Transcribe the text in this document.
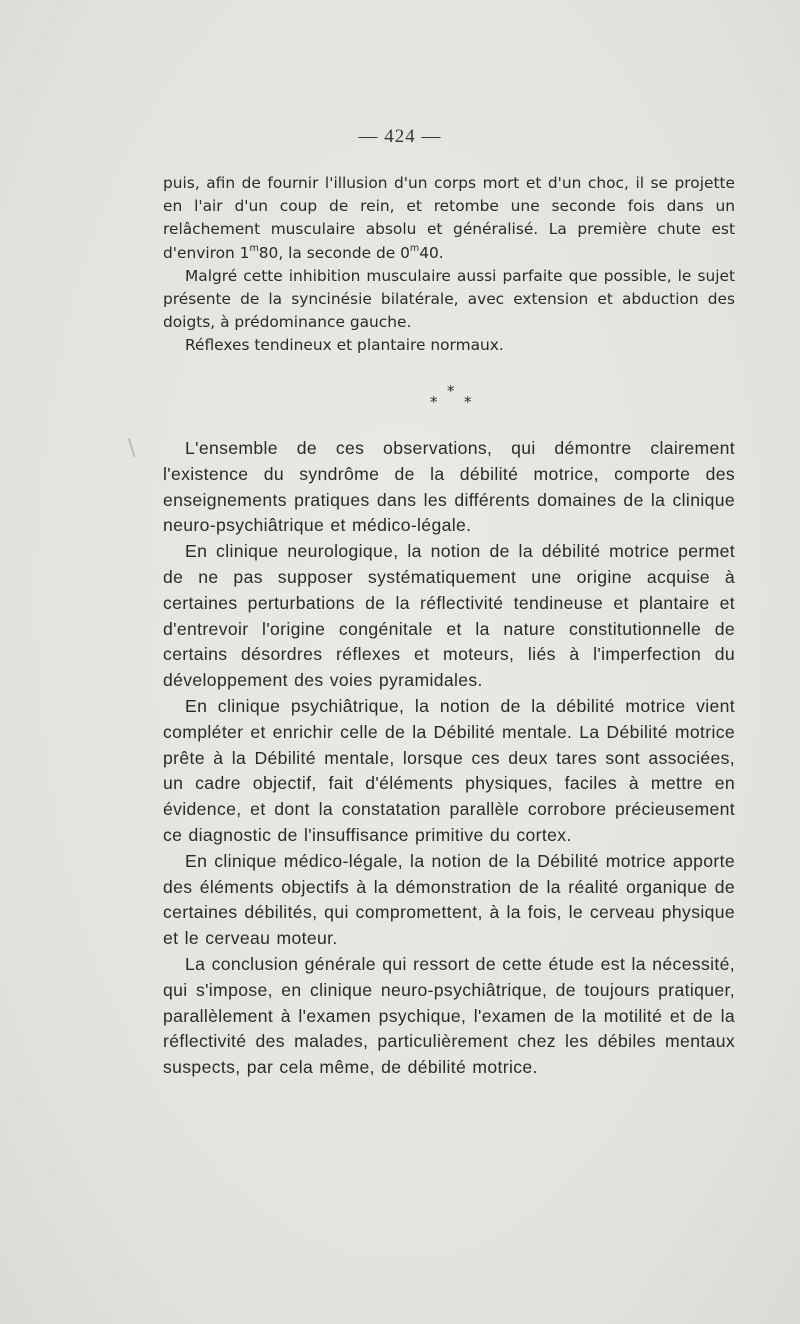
— 424 —

puis, afin de fournir l'illusion d'un corps mort et d'un choc, il se projette en l'air d'un coup de rein, et retombe une seconde fois dans un relâchement musculaire absolu et généralisé. La première chute est d'environ 1$^m$80, la seconde de 0$^m$40.

Malgré cette inhibition musculaire aussi parfaite que possible, le sujet présente de la syncinésie bilatérale, avec extension et abduction des doigts, à prédominance gauche.

Réflexes tendineux et plantaire normaux.

*
* *
\	L'ensemble de ces observations, qui démontre clairement l'existence du syndrôme de la débilité motrice, comporte des enseignements pratiques dans les différents domaines de la clinique neuro-psychiâtrique et médico-légale.

En clinique neurologique, la notion de la débilité motrice permet de ne pas supposer systématiquement une origine acquise à certaines perturbations de la réflectivité tendineuse et plantaire et d'entrevoir l'origine congénitale et la nature constitutionnelle de certains désordres réflexes et moteurs, liés à l'imperfection du développement des voies pyramidales.

En clinique psychiâtrique, la notion de la débilité motrice vient compléter et enrichir celle de la Débilité mentale. La Débilité motrice prête à la Débilité mentale, lorsque ces deux tares sont associées, un cadre objectif, fait d'éléments physiques, faciles à mettre en évidence, et dont la constatation parallèle corrobore précieusement ce diagnostic de l'insuffisance primitive du cortex.

En clinique médico-légale, la notion de la Débilité motrice apporte des éléments objectifs à la démonstration de la réalité organique de certaines débilités, qui compromettent, à la fois, le cerveau physique et le cerveau moteur.

La conclusion générale qui ressort de cette étude est la nécessité, qui s'impose, en clinique neuro-psychiâtrique, de toujours pratiquer, parallèlement à l'examen psychique, l'examen de la motilité et de la réflectivité des malades, particulièrement chez les débiles mentaux suspects, par cela même, de débilité motrice.
